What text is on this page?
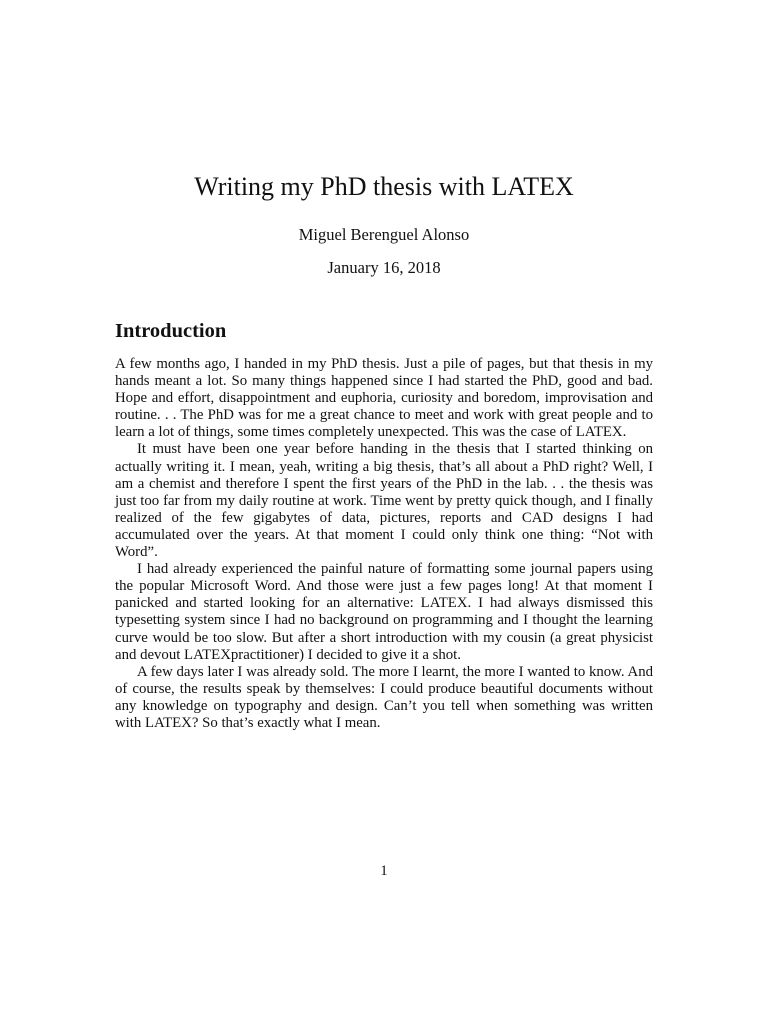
Writing my PhD thesis with LATEX
Miguel Berenguel Alonso
January 16, 2018
Introduction

A few months ago, I handed in my PhD thesis. Just a pile of pages, but that thesis in my hands meant a lot. So many things happened since I had started the PhD, good and bad. Hope and effort, disappointment and euphoria, curiosity and boredom, improvisation and routine. . . The PhD was for me a great chance to meet and work with great people and to learn a lot of things, some times completely unexpected. This was the case of LATEX.

It must have been one year before handing in the thesis that I started thinking on actually writing it. I mean, yeah, writing a big thesis, that’s all about a PhD right? Well, I am a chemist and therefore I spent the first years of the PhD in the lab. . . the thesis was just too far from my daily routine at work. Time went by pretty quick though, and I finally realized of the few gigabytes of data, pictures, reports and CAD designs I had accumulated over the years. At that moment I could only think one thing: “Not with Word”.

I had already experienced the painful nature of formatting some journal papers using the popular Microsoft Word. And those were just a few pages long! At that moment I panicked and started looking for an alternative: LATEX. I had always dismissed this typesetting system since I had no background on programming and I thought the learning curve would be too slow. But after a short introduction with my cousin (a great physicist and devout LATEXpractitioner) I decided to give it a shot.

A few days later I was already sold. The more I learnt, the more I wanted to know. And of course, the results speak by themselves: I could produce beautiful documents without any knowledge on typography and design. Can’t you tell when something was written with LATEX? So that’s exactly what I mean.

1
